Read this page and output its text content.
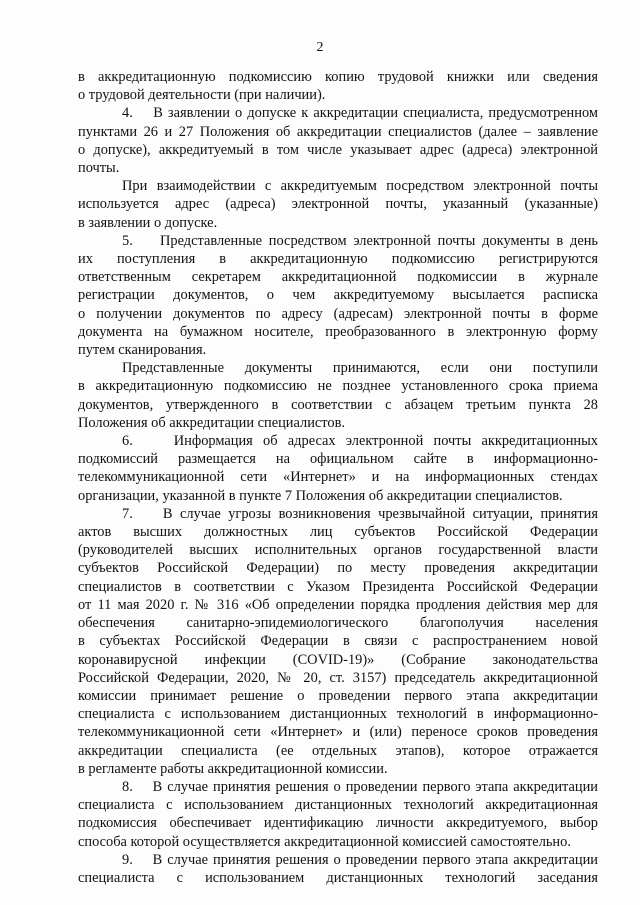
2
в аккредитационную подкомиссию копию трудовой книжки или сведения
о трудовой деятельности (при наличии).
4.    В заявлении о допуске к аккредитации специалиста, предусмотренном
пунктами 26 и 27 Положения об аккредитации специалистов (далее – заявление
о допуске), аккредитуемый в том числе указывает адрес (адреса) электронной
почты.
При взаимодействии с аккредитуемым посредством электронной почты
используется адрес (адреса) электронной почты, указанный (указанные)
в заявлении о допуске.
5.    Представленные посредством электронной почты документы в день
их поступления в аккредитационную подкомиссию регистрируются
ответственным секретарем аккредитационной подкомиссии в журнале
регистрации документов, о чем аккредитуемому высылается расписка
о получении документов по адресу (адресам) электронной почты в форме
документа на бумажном носителе, преобразованного в электронную форму
путем сканирования.
Представленные документы принимаются, если они поступили
в аккредитационную подкомиссию не позднее установленного срока приема
документов, утвержденного в соответствии с абзацем третьим пункта 28
Положения об аккредитации специалистов.
6.    Информация об адресах электронной почты аккредитационных
подкомиссий размещается на официальном сайте в информационно-
телекоммуникационной сети «Интернет» и на информационных стендах
организации, указанной в пункте 7 Положения об аккредитации специалистов.
7.    В случае угрозы возникновения чрезвычайной ситуации, принятия
актов высших должностных лиц субъектов Российской Федерации
(руководителей высших исполнительных органов государственной власти
субъектов Российской Федерации) по месту проведения аккредитации
специалистов в соответствии с Указом Президента Российской Федерации
от 11 мая 2020 г. № 316 «Об определении порядка продления действия мер для
обеспечения санитарно-эпидемиологического благополучия населения
в субъектах Российской Федерации в связи с распространением новой
коронавирусной инфекции (COVID-19)» (Собрание законодательства
Российской Федерации, 2020, № 20, ст. 3157) председатель аккредитационной
комиссии принимает решение о проведении первого этапа аккредитации
специалиста с использованием дистанционных технологий в информационно-
телекоммуникационной сети «Интернет» и (или) переносе сроков проведения
аккредитации специалиста (ее отдельных этапов), которое отражается
в регламенте работы аккредитационной комиссии.
8.    В случае принятия решения о проведении первого этапа аккредитации
специалиста с использованием дистанционных технологий аккредитационная
подкомиссия обеспечивает идентификацию личности аккредитуемого, выбор
способа которой осуществляется аккредитационной комиссией самостоятельно.
9.    В случае принятия решения о проведении первого этапа аккредитации
специалиста с использованием дистанционных технологий заседания
